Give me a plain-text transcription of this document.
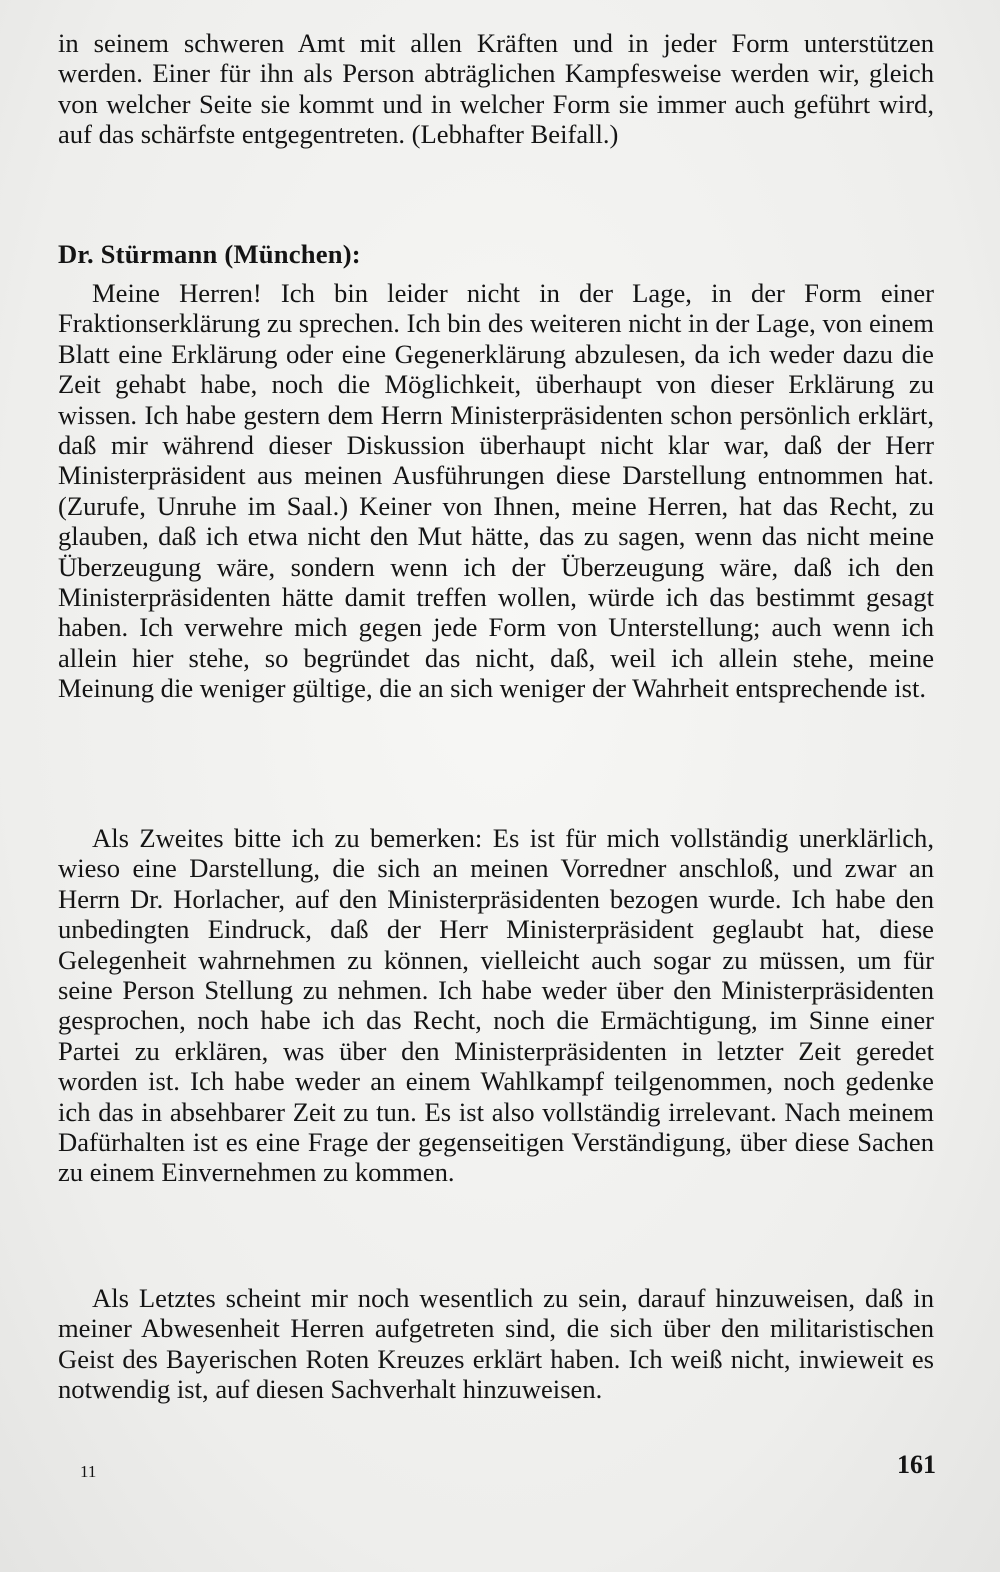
in seinem schweren Amt mit allen Kräften und in jeder Form unterstützen werden. Einer für ihn als Person abträglichen Kampfesweise werden wir, gleich von welcher Seite sie kommt und in welcher Form sie immer auch geführt wird, auf das schärfste entgegentreten. (Lebhafter Beifall.)

Dr. Stürmann (München):

Meine Herren! Ich bin leider nicht in der Lage, in der Form einer Fraktionserklärung zu sprechen. Ich bin des weiteren nicht in der Lage, von einem Blatt eine Erklärung oder eine Gegenerklärung abzulesen, da ich weder dazu die Zeit gehabt habe, noch die Möglichkeit, überhaupt von dieser Erklärung zu wissen. Ich habe gestern dem Herrn Ministerpräsidenten schon persönlich erklärt, daß mir während dieser Diskussion überhaupt nicht klar war, daß der Herr Ministerpräsident aus meinen Ausführungen diese Darstellung entnommen hat. (Zurufe, Unruhe im Saal.) Keiner von Ihnen, meine Herren, hat das Recht, zu glauben, daß ich etwa nicht den Mut hätte, das zu sagen, wenn das nicht meine Überzeugung wäre, sondern wenn ich der Überzeugung wäre, daß ich den Ministerpräsidenten hätte damit treffen wollen, würde ich das bestimmt gesagt haben. Ich verwehre mich gegen jede Form von Unterstellung; auch wenn ich allein hier stehe, so begründet das nicht, daß, weil ich allein stehe, meine Meinung die weniger gültige, die an sich weniger der Wahrheit entsprechende ist.

Als Zweites bitte ich zu bemerken: Es ist für mich vollständig unerklärlich, wieso eine Darstellung, die sich an meinen Vorredner anschloß, und zwar an Herrn Dr. Horlacher, auf den Ministerpräsidenten bezogen wurde. Ich habe den unbedingten Eindruck, daß der Herr Ministerpräsident geglaubt hat, diese Gelegenheit wahrnehmen zu können, vielleicht auch sogar zu müssen, um für seine Person Stellung zu nehmen. Ich habe weder über den Ministerpräsidenten gesprochen, noch habe ich das Recht, noch die Ermächtigung, im Sinne einer Partei zu erklären, was über den Ministerpräsidenten in letzter Zeit geredet worden ist. Ich habe weder an einem Wahlkampf teilgenommen, noch gedenke ich das in absehbarer Zeit zu tun. Es ist also vollständig irrelevant. Nach meinem Dafürhalten ist es eine Frage der gegenseitigen Verständigung, über diese Sachen zu einem Einvernehmen zu kommen.

Als Letztes scheint mir noch wesentlich zu sein, darauf hinzuweisen, daß in meiner Abwesenheit Herren aufgetreten sind, die sich über den militaristischen Geist des Bayerischen Roten Kreuzes erklärt haben. Ich weiß nicht, inwieweit es notwendig ist, auf diesen Sachverhalt hinzuweisen.

11	161
